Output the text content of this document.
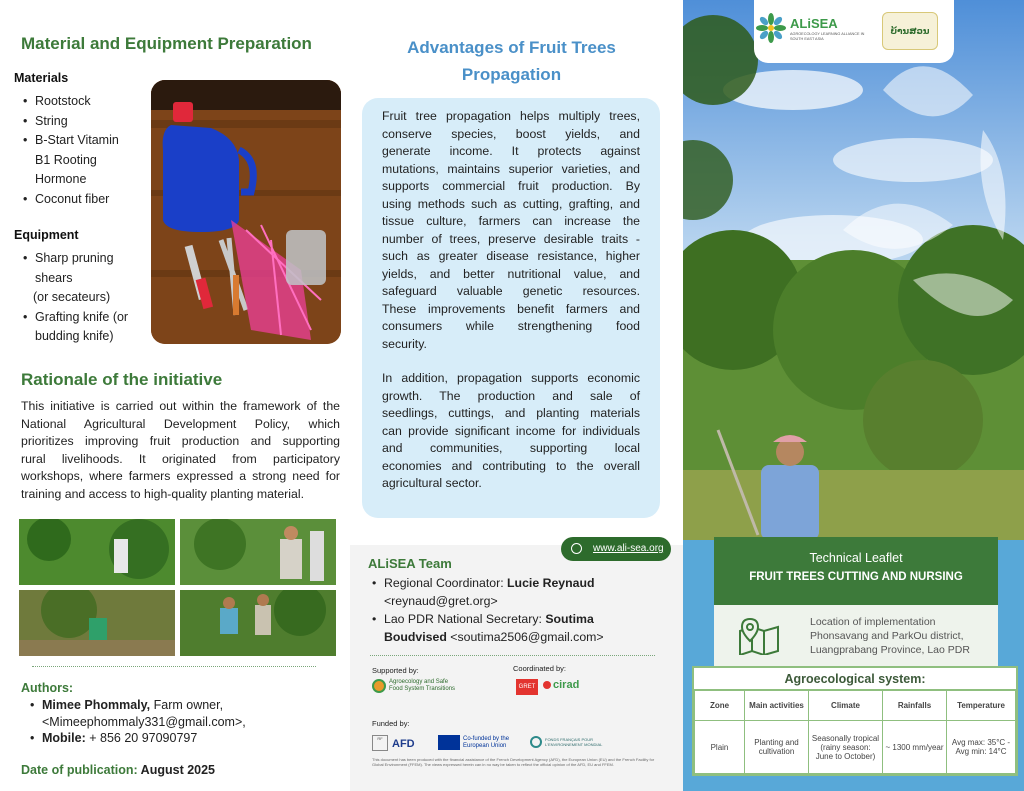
Material and Equipment Preparation
Materials
• Rootstock
• String
• B-Start Vitamin
B1 Rooting
Hormone
• Coconut fiber
Equipment
• Sharp pruning
shears
(or secateurs)
• Grafting knife (or
budding knife)
Rationale of the initiative
This initiative is carried out within the framework of the
National Agricultural Development Policy, which
prioritizes improving fruit production and supporting
rural livelihoods. It originated from participatory
workshops, where farmers expressed a strong need for
training and access to high-quality planting material.
Authors:
• Mimee Phommaly, Farm owner,
<Mimeephommaly331@gmail.com>,
• Mobile: + 856 20 97090797
Date of publication: August 2025
Advantages of Fruit Trees
Propagation
Fruit tree propagation helps multiply trees,
conserve species, boost yields, and
generate income. It protects against
mutations, maintains superior varieties, and
supports commercial fruit production. By
using methods such as cutting, grafting, and
tissue culture, farmers can increase the
number of trees, preserve desirable traits -
such as greater disease resistance, higher
yields, and better nutritional value, and
safeguard valuable genetic resources.
These improvements benefit farmers and
consumers while strengthening food
security.
In addition, propagation supports economic
growth. The production and sale of
seedlings, cuttings, and planting materials
can provide significant income for individuals
and communities, supporting local
economies and contributing to the overall
agricultural sector.
ALiSEA Team
• Regional Coordinator: Lucie Reynaud
<reynaud@gret.org>
• Lao PDR National Secretary: Soutima
Boudvised <soutima2506@gmail.com>
Supported by:	Coordinated by:
Agroecology and Safe Food System Transitions	GRET cirad
Funded by:
RF AFD	Co-funded by the European Union
FONDS FRANÇAIS POUR L'ENVIRONNEMENT MONDIAL
This document has been produced with the financial assistance of the French Development Agency (AFD), the European Union (EU) and the French Facility for Global Environment (FFEM). The views expressed herein can in no way be taken to reflect the official opinion of the AFD, EU and FFEM.
www.ali-sea.org
ALiSEA
AGROECOLOGY LEARNING ALLIANCE IN SOUTH EAST ASIA
ບ້ານສວນ
Technical Leaflet
FRUIT TREES CUTTING AND NURSING
Location of implementation
Phonsavang and ParkOu district,
Luangprabang Province, Lao PDR
Agroecological system:
Zone	Main activities	Climate	Rainfalls	Temperature
Plain	Planting and cultivation	Seasonally tropical (rainy season: June to October)	~ 1300 mm/year	Avg max: 35°C - Avg min: 14°C
